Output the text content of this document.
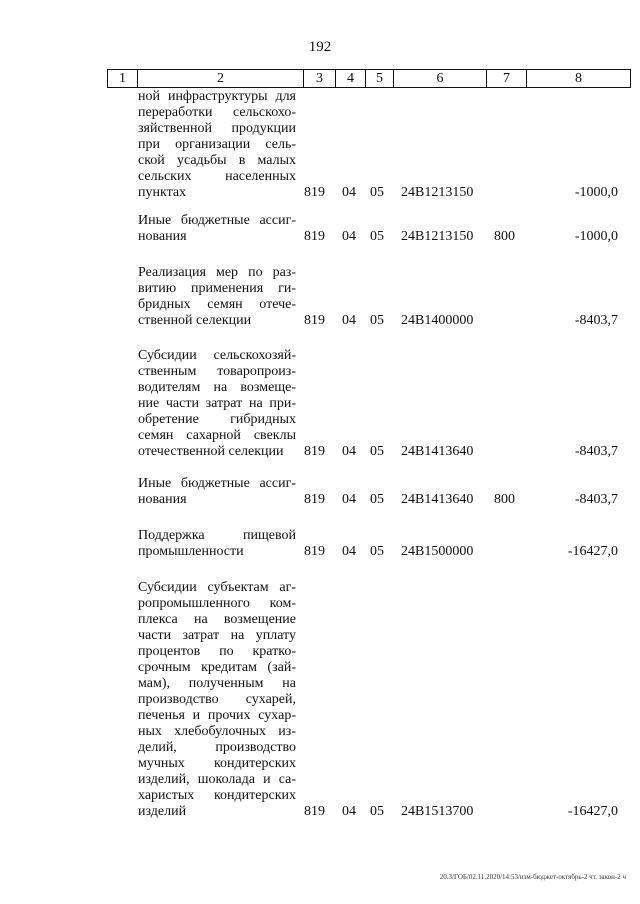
192
1	2	3	4	5	6	7	8
ной инфраструктуры для
переработки сельскохо-
зяйственной продукции
при организации сель-
ской усадьбы в малых
сельских населенных
пунктах	819 04 05 24В1213150	-1000,0
Иные бюджетные ассиг-
нования	819 04 05 24В1213150 800	-1000,0
Реализация мер по раз-
витию применения ги-
бридных семян отече-
ственной селекции	819 04 05 24В1400000	-8403,7
Субсидии сельскохозяй-
ственным товаропроиз-
водителям на возмеще-
ние части затрат на при-
обретение гибридных
семян сахарной свеклы
отечественной селекции	819 04 05 24В1413640	-8403,7
Иные бюджетные ассиг-
нования	819 04 05 24В1413640 800	-8403,7
Поддержка пищевой
промышленности	819 04 05 24В1500000	-16427,0
Субсидии субъектам аг-
ропромышленного ком-
плекса на возмещение
части затрат на уплату
процентов по кратко-
срочным кредитам (зай-
мам), полученным на
производство сухарей,
печенья и прочих сухар-
ных хлебобулочных из-
делий, производство
мучных кондитерских
изделий, шоколада и са-
харистых кондитерских
изделий	819 04 05 24В1513700	-16427,0
20.3/ГОБ/02.11.2020/14:53/изм-бюджет-октябрь-2 чт. закон-2 ч
